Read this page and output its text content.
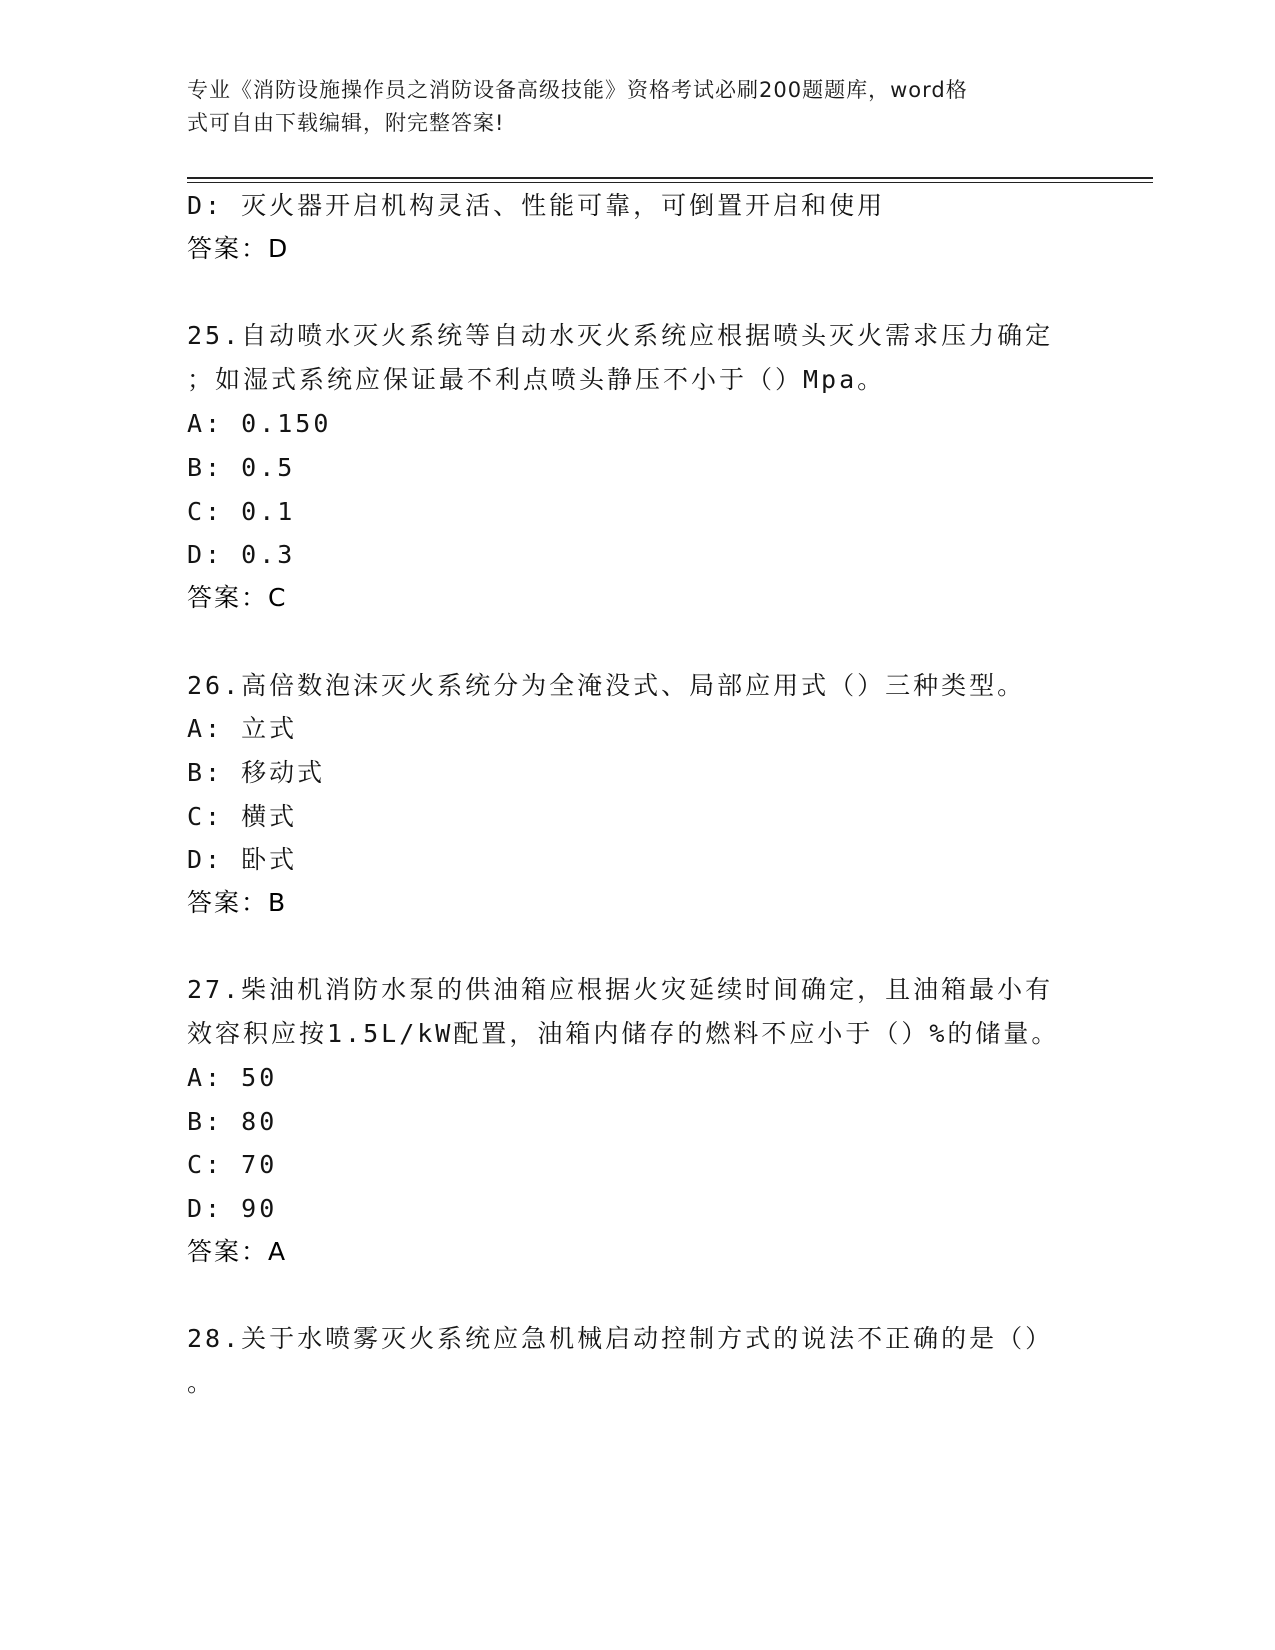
专业《消防设施操作员之消防设备高级技能》资格考试必刷200题题库，word格
式可自由下载编辑，附完整答案!
D: 灭火器开启机构灵活、性能可靠，可倒置开启和使用
答案：D
25.自动喷水灭火系统等自动水灭火系统应根据喷头灭火需求压力确定
；如湿式系统应保证最不利点喷头静压不小于（）Mpa。
A: 0.150
B: 0.5
C: 0.1
D: 0.3
答案：C
26.高倍数泡沫灭火系统分为全淹没式、局部应用式（）三种类型。
A: 立式
B: 移动式
C: 横式
D: 卧式
答案：B
27.柴油机消防水泵的供油箱应根据火灾延续时间确定，且油箱最小有
效容积应按1.5L/kW配置，油箱内储存的燃料不应小于（）%的储量。
A: 50
B: 80
C: 70
D: 90
答案：A
28.关于水喷雾灭火系统应急机械启动控制方式的说法不正确的是（）
。
